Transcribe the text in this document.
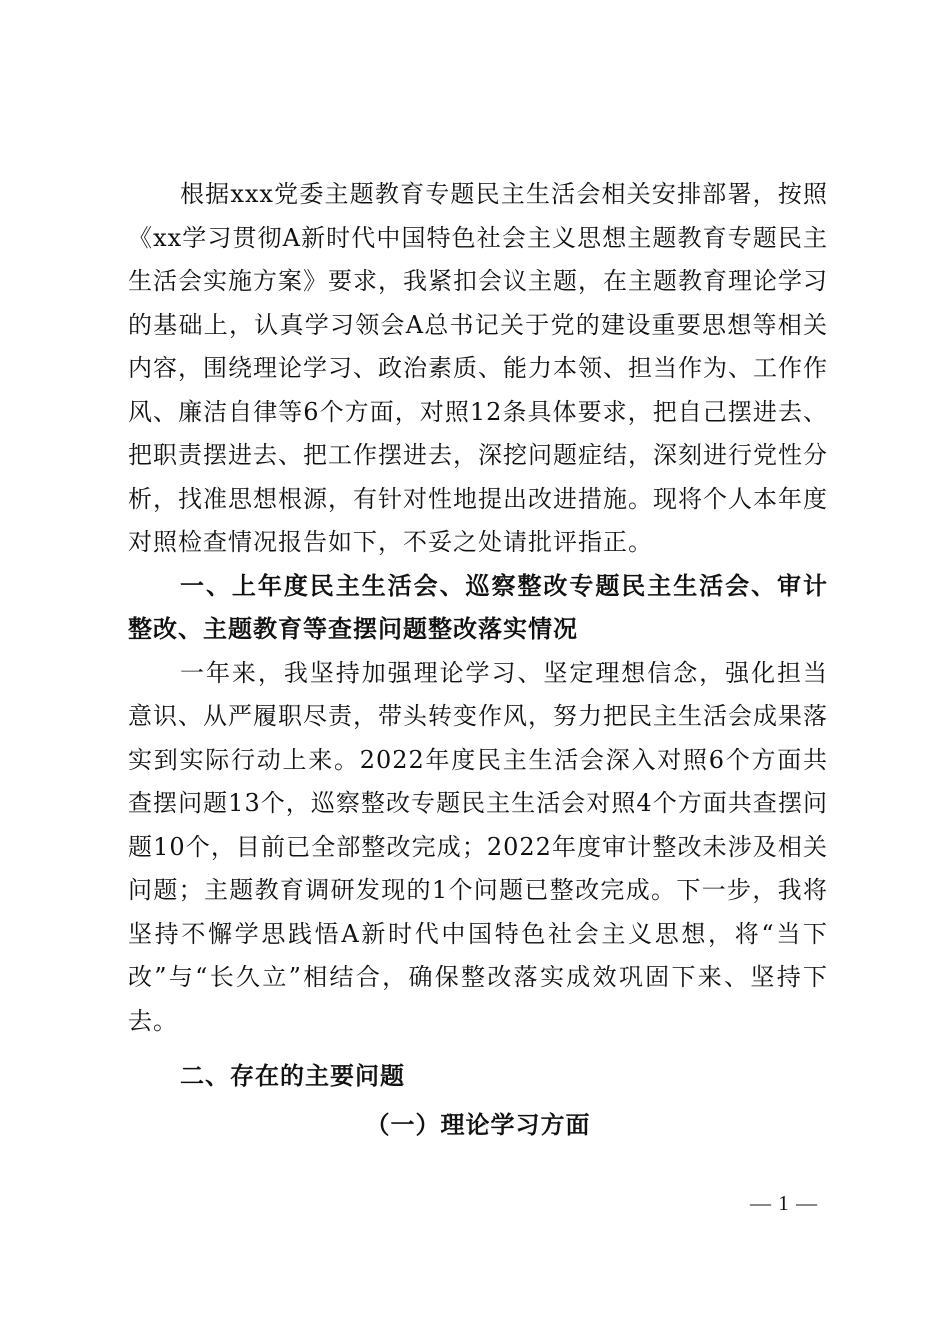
根据xxx党委主题教育专题民主生活会相关安排部署，按照《xx学习贯彻A新时代中国特色社会主义思想主题教育专题民主生活会实施方案》要求，我紧扣会议主题，在主题教育理论学习的基础上，认真学习领会A总书记关于党的建设重要思想等相关内容，围绕理论学习、政治素质、能力本领、担当作为、工作作风、廉洁自律等6个方面，对照12条具体要求，把自己摆进去、把职责摆进去、把工作摆进去，深挖问题症结，深刻进行党性分析，找准思想根源，有针对性地提出改进措施。现将个人本年度对照检查情况报告如下，不妥之处请批评指正。

一、上年度民主生活会、巡察整改专题民主生活会、审计整改、主题教育等查摆问题整改落实情况

一年来，我坚持加强理论学习、坚定理想信念，强化担当意识、从严履职尽责，带头转变作风，努力把民主生活会成果落实到实际行动上来。2022年度民主生活会深入对照6个方面共查摆问题13个，巡察整改专题民主生活会对照4个方面共查摆问题10个，目前已全部整改完成；2022年度审计整改未涉及相关问题；主题教育调研发现的1个问题已整改完成。下一步，我将坚持不懈学思践悟A新时代中国特色社会主义思想，将“当下改”与“长久立”相结合，确保整改落实成效巩固下来、坚持下去。

二、存在的主要问题

（一）理论学习方面

— 1 —
